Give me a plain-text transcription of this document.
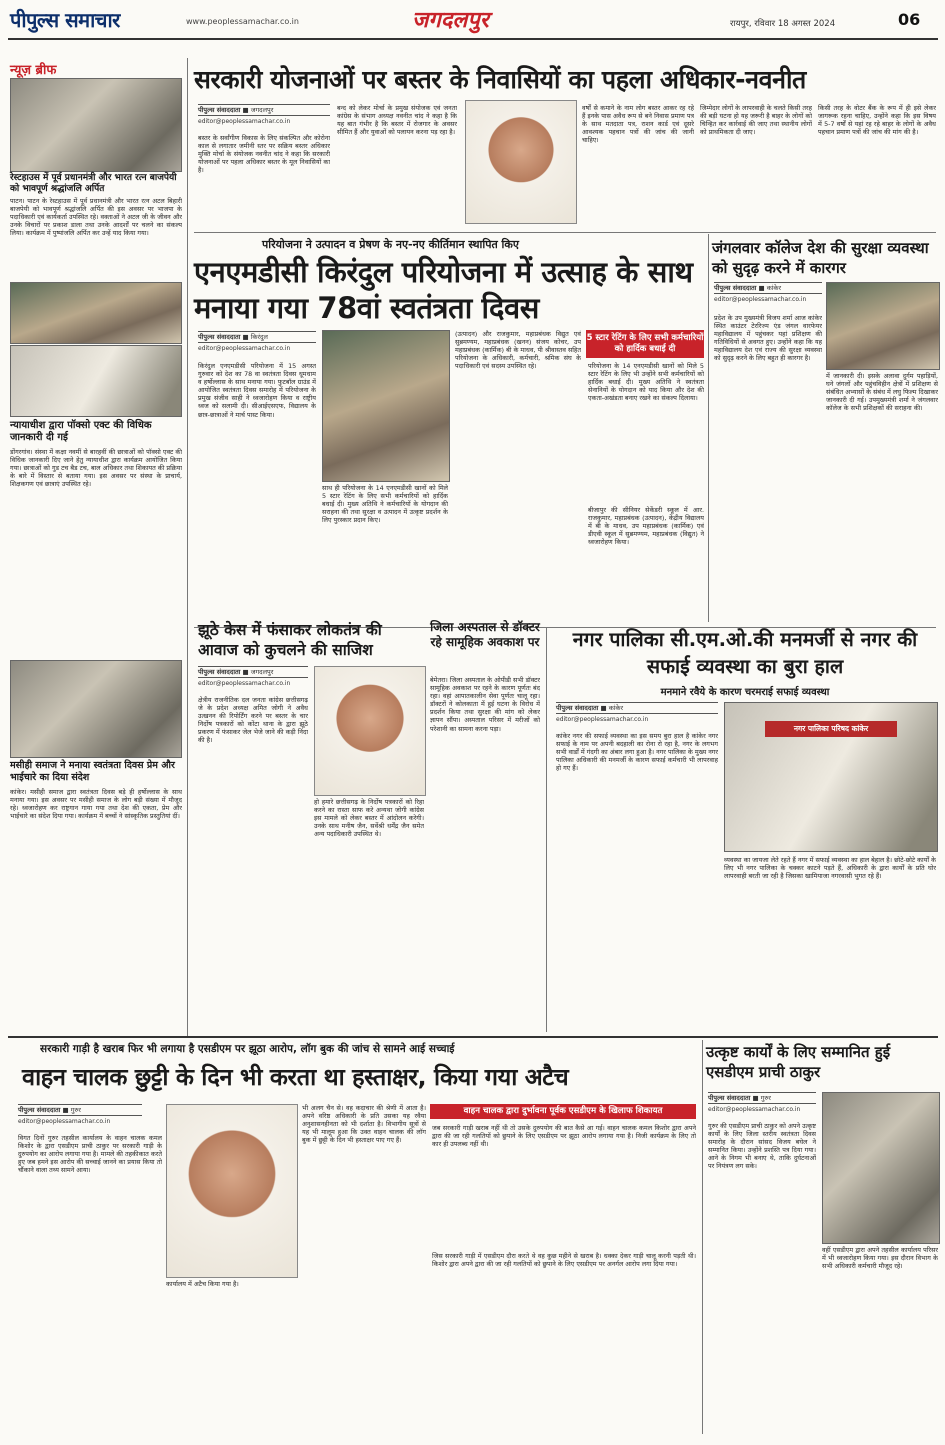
पीपुल्स समाचार	www.peoplessamachar.co.in	जगदलपुर	रायपुर, रविवार 18 अगस्त 2024	06
न्यूज़ ब्रीफ
रेस्टहाउस में पूर्व प्रधानमंत्री और भारत रत्न बाजपेयी को भावपूर्ण श्रद्धांजलि अर्पित
पाटन। पाटन के रेस्टहाउस में पूर्व प्रधानमंत्री और भारत रत्न अटल बिहारी बाजपेयी को भावपूर्ण श्रद्धांजलि अर्पित की इस अवसर पर भाजपा के पदाधिकारी एवं कार्यकर्ता उपस्थित रहे। वक्ताओं ने अटल जी के जीवन और उनके विचारों पर प्रकाश डाला तथा उनके आदर्शों पर चलने का संकल्प लिया। कार्यक्रम में पुष्पांजलि अर्पित कर उन्हें याद किया गया।
न्यायाधीश द्वारा पॉक्सो एक्ट की विधिक जानकारी दी गई
डोंगरगांव। संस्था में कक्षा नवमीं से बारहवीं की छात्राओं को पॉक्सो एक्ट की विधिक जानकारी दिए जाने हेतु न्यायाधीश द्वारा कार्यक्रम आयोजित किया गया। छात्राओं को गुड टच बैड टच, बाल अधिकार तथा शिकायत की प्रक्रिया के बारे में विस्तार से बताया गया। इस अवसर पर संस्था के प्राचार्य, शिक्षकगण एवं छात्राएं उपस्थित रहे।
मसीही समाज ने मनाया स्वतंत्रता दिवस प्रेम और भाईचारे का दिया संदेश
कांकेर। मसीही समाज द्वारा स्वतंत्रता दिवस बड़े ही हर्षोल्लास के साथ मनाया गया। इस अवसर पर मसीही समाज के लोग बड़ी संख्या में मौजूद रहे। ध्वजारोहण कर राष्ट्रगान गाया गया तथा देश की एकता, प्रेम और भाईचारे का संदेश दिया गया। कार्यक्रम में बच्चों ने सांस्कृतिक प्रस्तुतियां दीं।
सरकारी योजनाओं पर बस्तर के निवासियों का पहला अधिकार-नवनीत
पीपुल्स संवाददाता ■ जगदलपुर
editor@peoplessamachar.co.in
बस्तर के सर्वांगीण विकास के लिए संकल्पित और कोरोना काल से लगातार जमीनी स्तर पर सक्रिय बस्तर अधिकार मुक्ति मोर्चा के संयोजक नवनीत चांद ने कहा कि सरकारी योजनाओं पर पहला अधिकार बस्तर के मूल निवासियों का है।
बन्द को लेकर मोर्चा के प्रमुख संयोजक एवं जनता कांग्रेस के संभाग अध्यक्ष नवनीत चांद ने कहा है कि यह बात गंभीर है कि बस्तर में रोजगार के अवसर सीमित हैं और युवाओं को पलायन करना पड़ रहा है।
वर्षों से कमाने के नाम लोग बस्तर आकर रह रहे हैं इनके पास अवैध रूप से बने निवास प्रमाण पत्र के साथ मतदाता पत्र, राशन कार्ड एवं दूसरे आवश्यक पहचान पत्रों की जांच की जानी चाहिए।
जिम्मेदार लोगों के लापरवाही के चलते किसी तरह की बड़ी घटना हो यह जरूरी है बाहर के लोगों को चिन्हित कर कार्रवाई की जाए तथा स्थानीय लोगों को प्राथमिकता दी जाए।
किसी तरह के वोटर बैंक के रूप में ही इसे लेकर जागरूक रहना चाहिए, उन्होंने कहा कि इस विषय में 5-7 वर्षों से यहां रह रहे बाहर के लोगों के अवैध पहचान प्रमाण पत्रों की जांच की मांग की है।
परियोजना ने उत्पादन व प्रेषण के नए-नए कीर्तिमान स्थापित किए
एनएमडीसी किरंदुल परियोजना में उत्साह के साथ मनाया गया 78वां स्वतंत्रता दिवस
पीपुल्स संवाददाता ■ किरंदुल
editor@peoplessamachar.co.in
किरंदुल एनएमडीसी परियोजना में 15 अगस्त गुरुवार को देश का 78 वा स्वतंत्रता दिवस धूमधाम व हर्षोल्लास के साथ मनाया गया। फुटबॉल ग्राउंड में आयोजित स्वतंत्रता दिवस समारोह में परियोजना के प्रमुख संजीव साही ने ध्वजारोहण किया व राष्ट्रीय ध्वज को सलामी दी। सीआईएसएफ, विद्यालय के छात्र-छात्राओं ने मार्च पास्ट किया।
साथ ही परियोजना के 14 एनएमडीसी खानों को मिले 5 स्टार रेटिंग के लिए सभी कर्मचारियों को हार्दिक बधाई दी। मुख्य अतिथि ने कर्मचारियों के योगदान की सराहना की तथा सुरक्षा व उत्पादन में उत्कृष्ट प्रदर्शन के लिए पुरस्कार प्रदान किए।
(उत्पादन) और राजकुमार, महाप्रबंधक विद्युत एवं सुब्रमण्यम, महाप्रबंधक (खनन) संजय कोचर, उप महाप्रबंधक (कार्मिक) बी के माधव, पी श्रीवास्तव सहित परियोजना के अधिकारी, कर्मचारी, श्रमिक संघ के पदाधिकारी एवं सदस्य उपस्थित रहे।
5 स्टार रेटिंग के लिए सभी कर्मचारियों को हार्दिक बधाई दी
परियोजना के 14 एनएमडीसी खानों को मिले 5 स्टार रेटिंग के लिए भी उन्होंने सभी कर्मचारियों को हार्दिक बधाई दी। मुख्य अतिथि ने स्वतंत्रता सेनानियों के योगदान को याद किया और देश की एकता-अखंडता बनाए रखने का संकल्प दिलाया।
बीजापुर की सीनियर सेकेंडरी स्कूल में आर. राजकुमार, महाप्रबंधक (उत्पादन), केंद्रीय विद्यालय में बी के माधव, उप महाप्रबंधक (कार्मिक) एवं डीएवी स्कूल में सुब्रमण्यम, महाप्रबंधक (विद्युत) ने ध्वजारोहण किया।
जंगलवार कॉलेज देश की सुरक्षा व्यवस्था को सुदृढ़ करने में कारगर
पीपुल्स संवाददाता ■ कांकेर
editor@peoplessamachar.co.in
प्रदेश के उप मुख्यमंत्री विजय शर्मा आज कांकेर स्थित काउंटर टेररिज्म एंड जंगल वारफेयर महाविद्यालय में पहुंचकर यहां प्रशिक्षण की गतिविधियों से अवगत हुए। उन्होंने कहा कि यह महाविद्यालय देश एवं राज्य की सुरक्षा व्यवस्था को सुदृढ़ करने के लिए बहुत ही कारगर है।
में जानकारी दी। इसके अलावा दुर्गम पहाड़ियों, घने जंगलों और पहुंचविहीन क्षेत्रों में प्रशिक्षण से संबंधित अभ्यासों के संबंध में लघु फिल्म दिखाकर जानकारी दी गई। उपमुख्यमंत्री शर्मा ने जंगलवार कॉलेज के सभी प्रशिक्षकों की सराहना की।
झूठे केस में फंसाकर लोकतंत्र की आवाज को कुचलने की साजिश
पीपुल्स संवाददाता ■ जगदलपुर
editor@peoplessamachar.co.in
क्षेत्रीय राजनीतिक दल जनता कांग्रेस छत्तीसगढ़ जे के प्रदेश अध्यक्ष अमित जोगी ने अवैध उत्खनन की रिपोर्टिंग करने पर बस्तर के चार निर्दोष पत्रकारों को कोंटा थाना के द्वारा झूठे प्रकरण में फंसाकर जेल भेजे जाने की कड़ी निंदा की है।
हो हमारे छत्तीसगढ़ के निर्दोष पत्रकारों को रिहा करने का रास्ता साफ करे अन्यथा जोगी कांग्रेस इस मामले को लेकर बस्तर में आंदोलन करेगी। उनके साथ मनीष जैन, सर्वेश्री धर्मेंद्र जैन समेत अन्य पदाधिकारी उपस्थित थे।
जिला अस्पताल से डॉक्टर रहे सामूहिक अवकाश पर
बेमेतरा। जिला अस्पताल के ओपीडी सभी डॉक्टर सामूहिक अवकाश पर रहने के कारण पूर्णतः बंद रहा। वहां आपातकालीन सेवा पूर्णतः चालू रहा। डॉक्टरों ने कोलकाता में हुई घटना के विरोध में प्रदर्शन किया तथा सुरक्षा की मांग को लेकर ज्ञापन सौंपा। अस्पताल परिसर में मरीजों को परेशानी का सामना करना पड़ा।
नगर पालिका सी.एम.ओ.की मनमर्जी से नगर की सफाई व्यवस्था का बुरा हाल
मनमाने रवैये के कारण चरमराई सफाई व्यवस्था
पीपुल्स संवाददाता ■ कांकेर
editor@peoplessamachar.co.in
कांकेर नगर की सफाई व्यवस्था का इस समय बुरा हाल है कांकेर नगर सफाई के नाम पर अपनी बदहाली का रोना रो रहा है, नगर के लगभग सभी वार्डों में गंदगी का अंबार लगा हुआ है। नगर पालिका के मुख्य नगर पालिका अधिकारी की मनमर्जी के कारण सफाई कर्मचारी भी लापरवाह हो गए हैं।
नगर पालिका परिषद कांकेर
व्यवस्था का जायजा लेते रहते हैं नगर में सफाई व्यवस्था का हाल बेहाल है। छोटे-छोटे कार्यों के लिए भी नगर पालिका के चक्कर काटने पड़ते हैं, अधिकारी के द्वारा कार्यों के प्रति घोर लापरवाही बरती जा रही है जिसका खामियाजा नगरवासी भुगत रहे हैं।
सरकारी गाड़ी है खराब फिर भी लगाया है एसडीएम पर झूठा आरोप, लॉग बुक की जांच से सामने आई सच्चाई
वाहन चालक छुट्टी के दिन भी करता था हस्ताक्षर, किया गया अटैच
पीपुल्स संवाददाता ■ गुरुर
editor@peoplessamachar.co.in
विगत दिनों गुरुर तहसील कार्यालय के वाहन चालक कमल किशोर के द्वारा एसडीएम प्राची ठाकुर पर सरकारी गाड़ी के दुरुपयोग का आरोप लगाया गया है। मामले की तहकीकात करते हुए जब हमने इस आरोप की सच्चाई जानने का प्रयास किया तो चौंकाने वाला तथ्य सामने आया।
कार्यालय में अटैच किया गया है।
भी अलग चैन से। वह कदाचार की श्रेणी में आता है। अपने वरिष्ठ अधिकारी के प्रति उसका यह रवैया अनुशासनहीनता को भी दर्शाता है। विभागीय सूत्रों से यह भी मालूम हुआ कि उक्त वाहन चालक की लॉग बुक में छुट्टी के दिन भी हस्ताक्षर पाए गए हैं।
वाहन चालक द्वारा दुर्भावना पूर्वक एसडीएम के खिलाफ शिकायत
जब सरकारी गाड़ी खराब नहीं थी तो उसके दुरुपयोग की बात कैसे आ गई। वाहन चालक कमल किशोर द्वारा अपने द्वारा की जा रही गलतियों को छुपाने के लिए एसडीएम पर झूठा आरोप लगाया गया है। निजी कार्यक्रम के लिए तो कार ही उपलब्ध नहीं थी।
जिस सरकारी गाड़ी में एसडीएम दौरा करते थे वह कुछ महीने से खराब है। धक्का देकर गाड़ी चालू करनी पड़ती थी। किशोर द्वारा अपने द्वारा की जा रही गलतियों को छुपाने के लिए एसडीएम पर अनर्गल आरोप लगा दिया गया।
उत्कृष्ट कार्यों के लिए सम्मानित हुई एसडीएम प्राची ठाकुर
पीपुल्स संवाददाता ■ गुरुर
editor@peoplessamachar.co.in
गुरुर की एसडीएम प्राची ठाकुर को अपने उत्कृष्ट कार्यों के लिए जिला स्तरीय स्वतंत्रता दिवस समारोह के दौरान सांसद विजय बघेल ने सम्मानित किया। उन्होंने प्रशस्ति पत्र दिया गया। आने के निगम भी बनाए थे, ताकि दुर्घटनाओं पर नियंत्रण लग सके।
वहीं एसडीएम द्वारा अपने तहसील कार्यालय परिसर में भी ध्वजारोहण किया गया। इस दौरान विभाग के सभी अधिकारी कर्मचारी मौजूद रहे।
